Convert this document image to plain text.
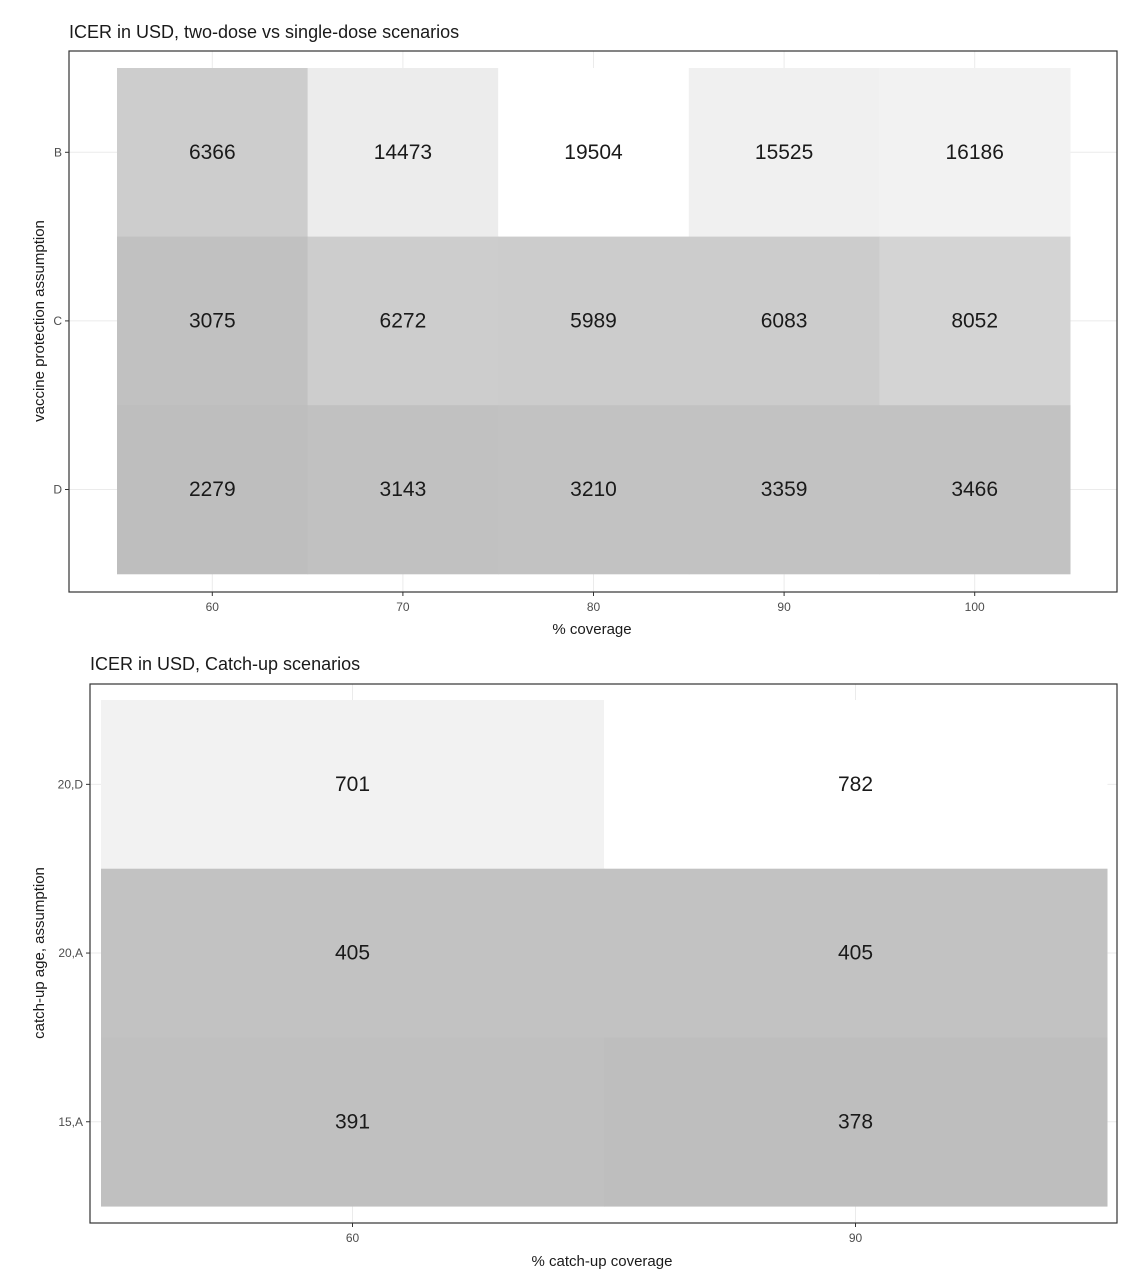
ICER in USD, two-dose vs single-dose scenarios
% coverage
vaccine protection assumption
6366	14473	19504	15525	16186
3075	6272	5989	6083	8052
2279	3143	3210	3359	3466
60	70	80	90	100
B
C
D
ICER in USD, Catch-up scenarios
% catch-up coverage
catch-up age, assumption
701	782
405	405
391	378
60	90
20,D
20,A
15,A
